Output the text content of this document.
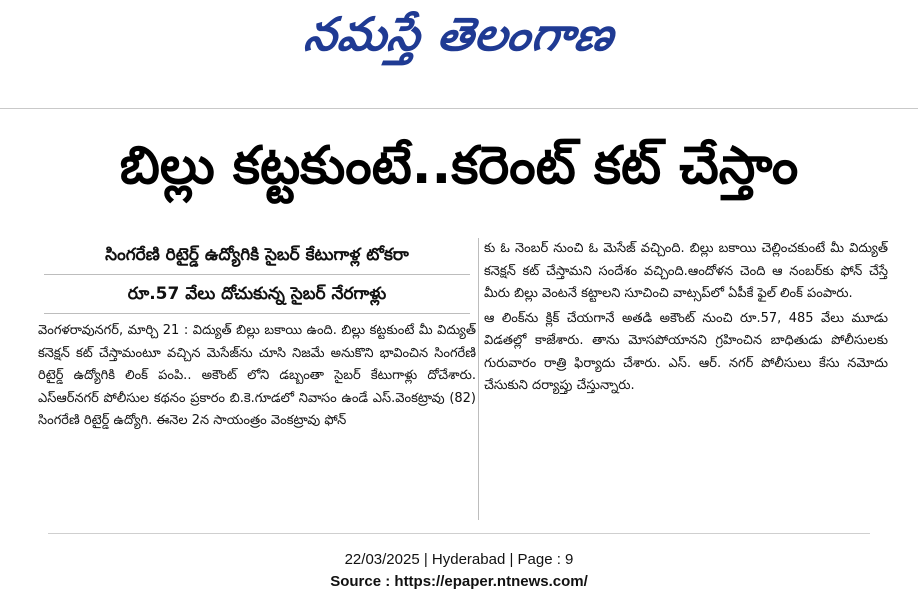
నమస్తే తెలంగాణ
బిల్లు కట్టకుంటే..కరెంట్ కట్ చేస్తాం
సింగరేణి రిటైర్డ్ ఉద్యోగికి సైబర్ కేటుగాళ్ల టోకరా
రూ.57 వేలు దోచుకున్న సైబర్ నేరగాళ్లు

వెంగళరావునగర్, మార్చి 21 : విద్యుత్ బిల్లు బకాయి ఉంది. బిల్లు కట్టకుంటే మీ విద్యుత్ కనెక్షన్ కట్ చేస్తామంటూ వచ్చిన మెసేజ్‌ను చూసి నిజమే అనుకొని భావించిన సింగరేణి రిటైర్డ్ ఉద్యోగికి లింక్ పంపి.. అకౌంట్ లోని డబ్బంతా సైబర్ కేటుగాళ్లు దోచేశారు. ఎస్ఆర్‌నగర్ పోలీసుల కథనం ప్రకారం బి.కె.గూడలో నివాసం ఉండే ఎస్.వెంకట్రావు (82) సింగరేణి రిటైర్డ్ ఉద్యోగి. ఈనెల 2న సాయంత్రం వెంకట్రావు ఫోన్

కు ఓ నెంబర్ నుంచి ఓ మెసేజ్ వచ్చింది. బిల్లు బకాయి చెల్లించకుంటే మీ విద్యుత్ కనెక్షన్ కట్ చేస్తామని సందేశం వచ్చింది.ఆందోళన చెంది ఆ నంబర్‌కు ఫోన్ చేస్తే మీరు బిల్లు వెంటనే కట్టాలని సూచించి వాట్సప్‌లో ఏపీకే ఫైల్ లింక్ పంపారు.

ఆ లింక్‌ను క్లిక్ చేయగానే అతడి అకౌంట్ నుంచి రూ.57, 485 వేలు మూడు విడతల్లో కాజేశారు. తాను మోసపోయానని గ్రహించిన బాధితుడు పోలీసులకు గురువారం రాత్రి ఫిర్యాదు చేశారు. ఎస్. ఆర్. నగర్ పోలీసులు కేసు నమోదు చేసుకుని దర్యాప్తు చేస్తున్నారు.

22/03/2025 | Hyderabad | Page : 9
Source : https://epaper.ntnews.com/
